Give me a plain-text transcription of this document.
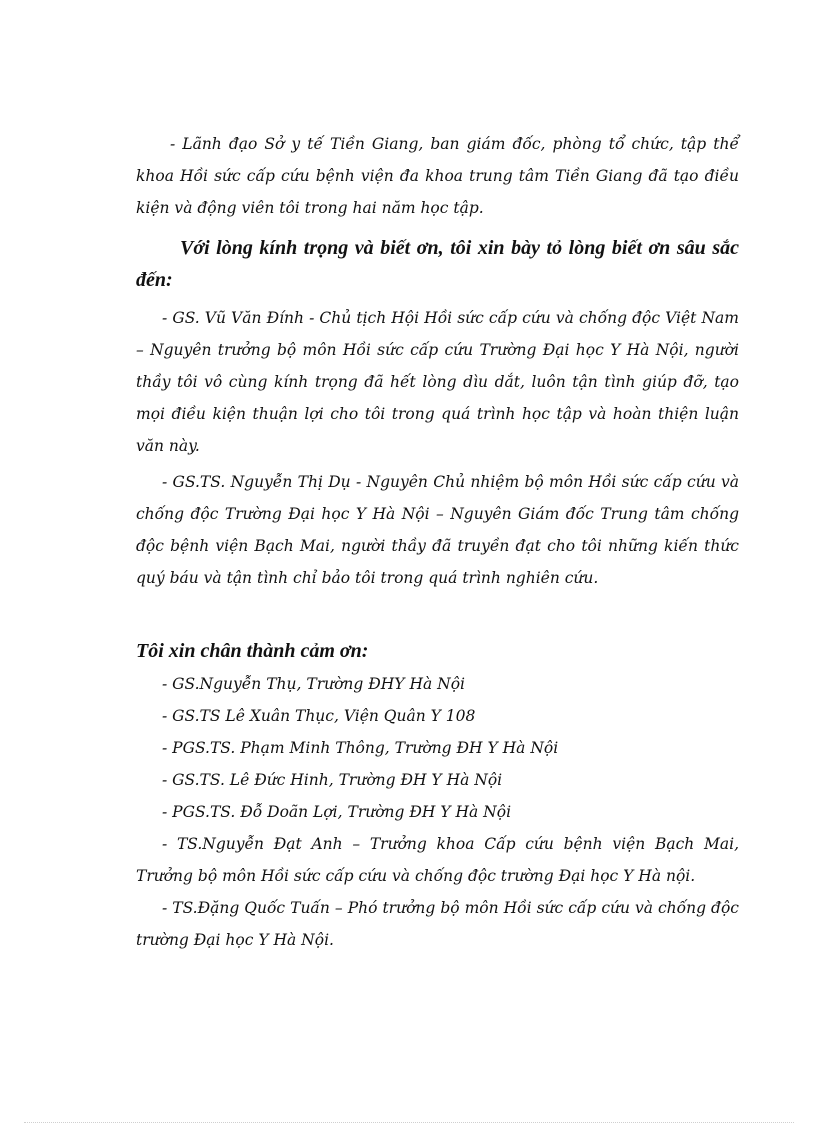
- Lãnh đạo Sở y tế Tiền Giang, ban giám đốc, phòng tổ chức, tập thể khoa Hồi sức cấp cứu bệnh viện đa khoa trung tâm Tiền Giang đã tạo điều kiện và động viên tôi trong hai năm học tập.

Với lòng kính trọng và biết ơn, tôi xin bày tỏ lòng biết ơn sâu sắc đến:

- GS. Vũ Văn Đính - Chủ tịch Hội Hồi sức cấp cứu và chống độc Việt Nam – Nguyên trưởng bộ môn Hồi sức cấp cứu Trường Đại học Y Hà Nội, người thầy tôi vô cùng kính trọng đã hết lòng dìu dắt, luôn tận tình giúp đỡ, tạo mọi điều kiện thuận lợi cho tôi trong quá trình học tập và hoàn thiện luận văn này.

- GS.TS. Nguyễn Thị Dụ - Nguyên Chủ nhiệm bộ môn Hồi sức cấp cứu và chống độc Trường Đại học Y Hà Nội – Nguyên Giám đốc Trung tâm chống độc bệnh viện Bạch Mai, người thầy đã truyền đạt cho tôi những kiến thức quý báu và tận tình chỉ bảo tôi trong quá trình nghiên cứu.

Tôi xin chân thành cảm ơn:

- GS.Nguyễn Thụ, Trường ĐHY Hà Nội

- GS.TS Lê Xuân Thục, Viện Quân Y 108

- PGS.TS. Phạm Minh Thông, Trường ĐH Y Hà Nội

- GS.TS. Lê Đức Hinh, Trường ĐH Y Hà Nội

- PGS.TS. Đỗ Doãn Lợi, Trường ĐH Y Hà Nội

- TS.Nguyễn Đạt Anh – Trưởng khoa Cấp cứu bệnh viện Bạch Mai, Trưởng bộ môn Hồi sức cấp cứu và chống độc trường Đại học Y Hà nội.

- TS.Đặng Quốc Tuấn – Phó trưởng bộ môn Hồi sức cấp cứu và chống độc trường Đại học Y Hà Nội.
